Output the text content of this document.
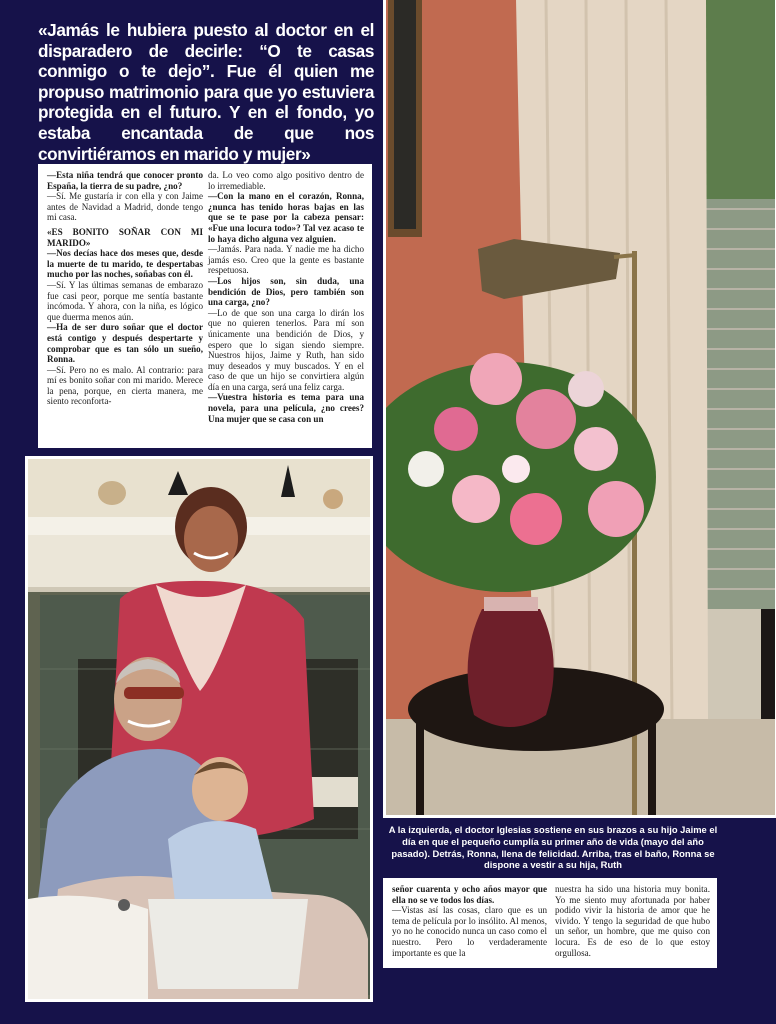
«Jamás le hubiera puesto al doctor en el disparadero de decirle: “O te casas conmigo o te dejo”. Fue él quien me propuso matrimonio para que yo estuviera protegida en el futuro. Y en el fondo, yo estaba encantada de que nos convirtiéramos en marido y mujer»

—Esta niña tendrá que conocer pronto España, la tierra de su padre, ¿no?

—Sí. Me gustaría ir con ella y con Jaime antes de Navidad a Madrid, donde tengo mi casa.

«ES BONITO SOÑAR CON MI MARIDO»

—Nos decías hace dos meses que, desde la muerte de tu marido, te despertabas mucho por las noches, soñabas con él.

—Sí. Y las últimas semanas de embarazo fue casi peor, porque me sentía bastante incómoda. Y ahora, con la niña, es lógico que duerma menos aún.

—Ha de ser duro soñar que el doctor está contigo y después despertarte y comprobar que es tan sólo un sueño, Ronna.

—Sí. Pero no es malo. Al contrario: para mí es bonito soñar con mi marido. Merece la pena, porque, en cierta manera, me siento reconforta-

da. Lo veo como algo positivo dentro de lo irremediable.

—Con la mano en el corazón, Ronna, ¿nunca has tenido horas bajas en las que se te pase por la cabeza pensar: «Fue una locura todo»? Tal vez acaso te lo haya dicho alguna vez alguien.

—Jamás. Para nada. Y nadie me ha dicho jamás eso. Creo que la gente es bastante respetuosa.

—Los hijos son, sin duda, una bendición de Dios, pero también son una carga, ¿no?

—Lo de que son una carga lo dirán los que no quieren tenerlos. Para mí son únicamente una bendición de Dios, y espero que lo sigan siendo siempre. Nuestros hijos, Jaime y Ruth, han sido muy deseados y muy buscados. Y en el caso de que un hijo se convirtiera algún día en una carga, será una feliz carga.

—Vuestra historia es tema para una novela, para una película, ¿no crees? Una mujer que se casa con un

A la izquierda, el doctor Iglesias sostiene en sus brazos a su hijo Jaime el día en que el pequeño cumplía su primer año de vida (mayo del año pasado). Detrás, Ronna, llena de felicidad. Arriba, tras el baño, Ronna se dispone a vestir a su hija, Ruth

señor cuarenta y ocho años mayor que ella no se ve todos los días.

—Vistas así las cosas, claro que es un tema de película por lo insólito. Al menos, yo no he conocido nunca un caso como el nuestro. Pero lo verdaderamente importante es que la

nuestra ha sido una historia muy bonita. Yo me siento muy afortunada por haber podido vivir la historia de amor que he vivido. Y tengo la seguridad de que hubo un señor, un hombre, que me quiso con locura. Es de eso de lo que estoy orgullosa.
